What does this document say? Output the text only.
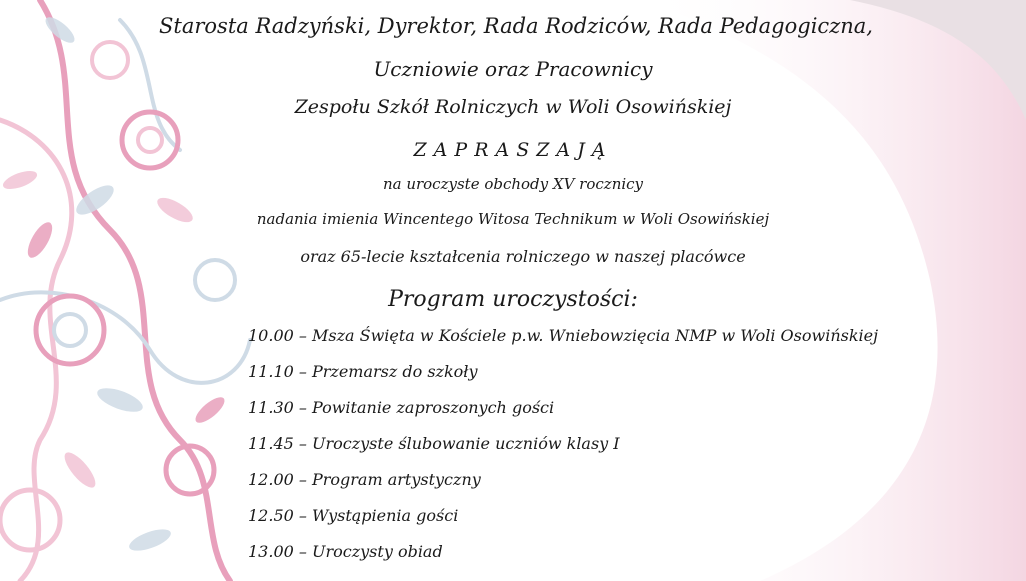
Starosta Radzyński, Dyrektor, Rada Rodziców, Rada Pedagogiczna,
Uczniowie oraz Pracownicy
Zespołu Szkół Rolniczych w Woli Osowińskiej
ZAPRASZAJĄ
na uroczyste obchody XV rocznicy
nadania imienia Wincentego Witosa Technikum w Woli Osowińskiej
oraz 65-lecie kształcenia rolniczego w naszej placówce
Program uroczystości:
10.00 – Msza Święta w Kościele p.w. Wniebowzięcia NMP w Woli Osowińskiej
11.10 – Przemarsz do szkoły
11.30 – Powitanie zaproszonych gości
11.45 – Uroczyste ślubowanie uczniów klasy I
12.00 – Program artystyczny
12.50 – Wystąpienia gości
13.00 – Uroczysty obiad
